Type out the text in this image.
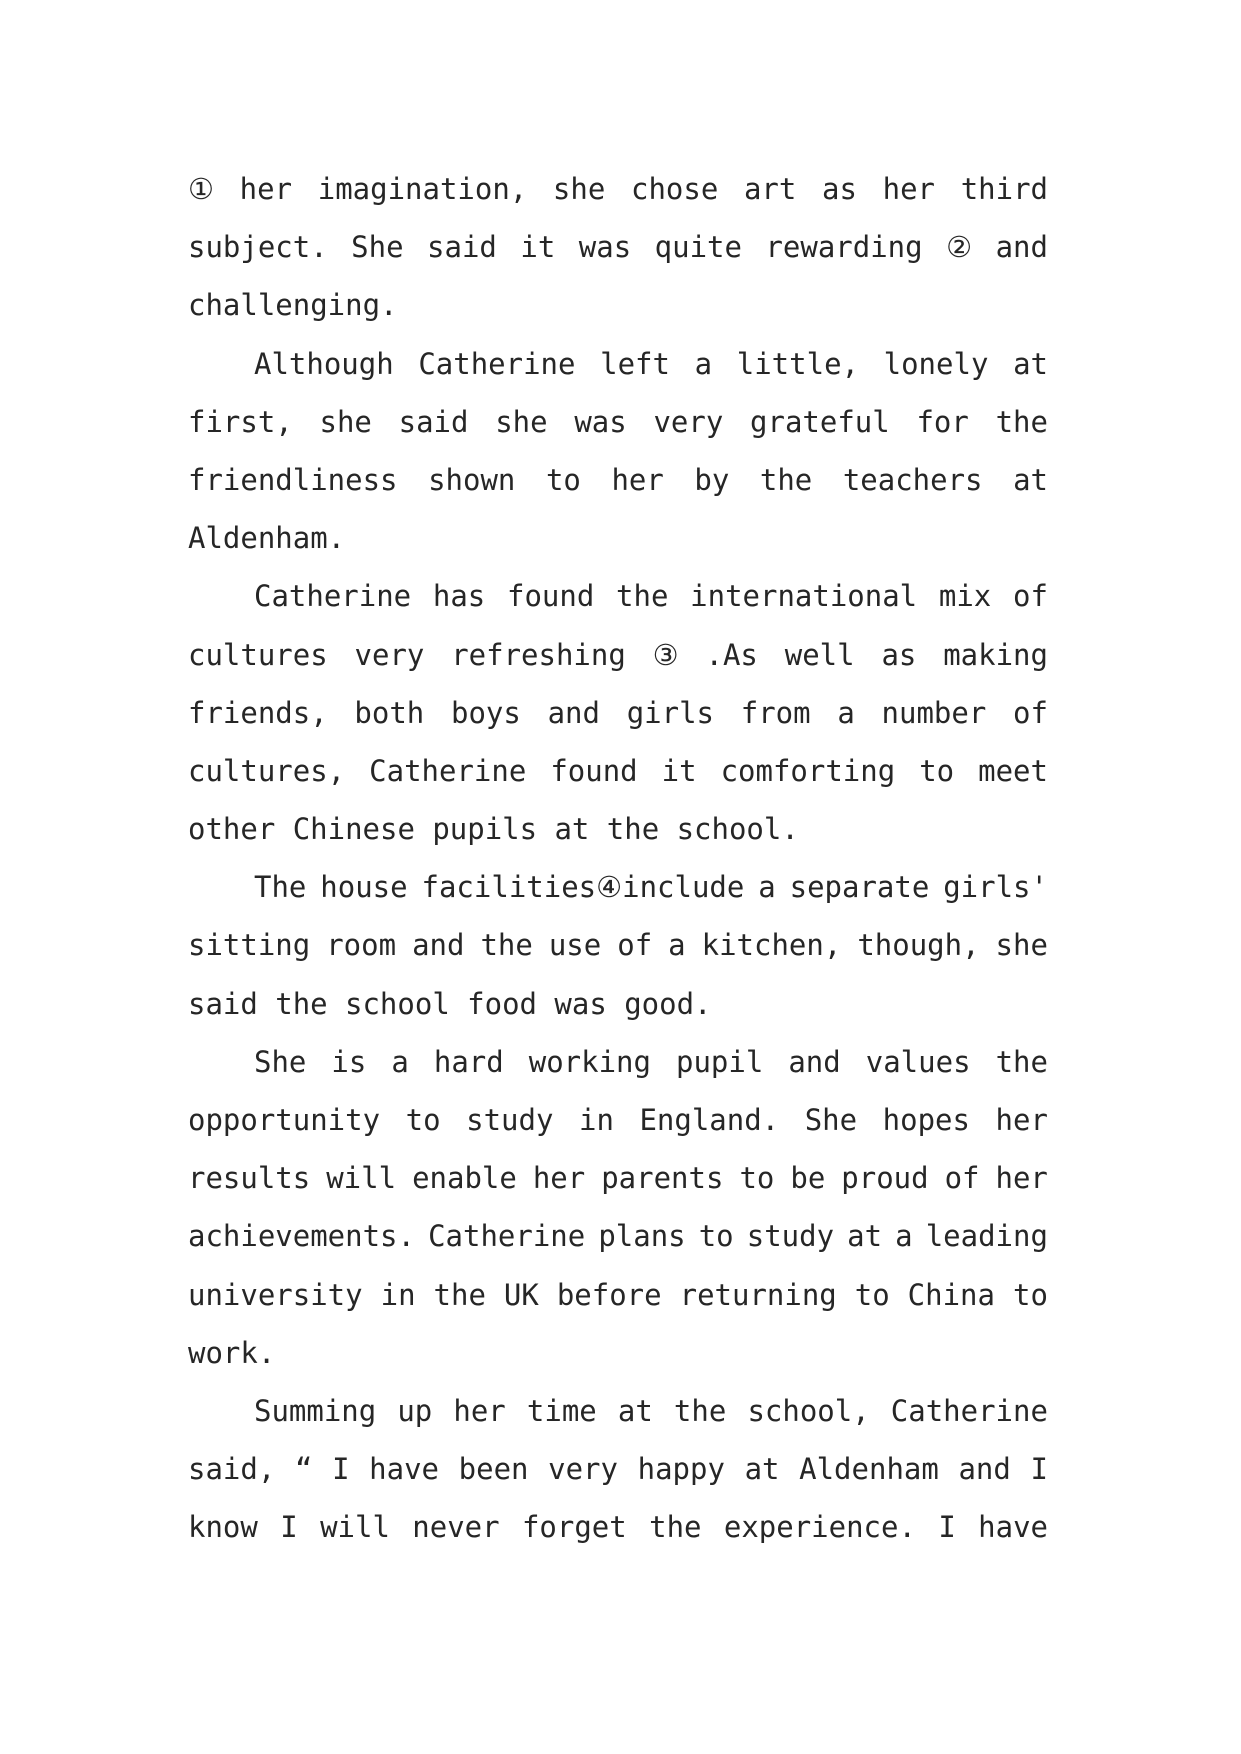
① her imagination, she chose art as her third
subject. She said it was quite rewarding ② and
challenging.
Although Catherine left a little, lonely at
first, she said she was very grateful for the
friendliness shown to her by the teachers at
Aldenham.
Catherine has found the international mix of
cultures very refreshing ③ .As well as making
friends, both boys and girls from a number of
cultures, Catherine found it comforting to meet
other Chinese pupils at the school.
The house facilities④include a separate girls'
sitting room and the use of a kitchen, though, she
said the school food was good.
She is a hard working pupil and values the
opportunity to study in England. She hopes her
results will enable her parents to be proud of her
achievements. Catherine plans to study at a leading
university in the UK before returning to China to
work.
Summing up her time at the school, Catherine
said, “ I have been very happy at Aldenham and I
know I will never forget the experience. I have
